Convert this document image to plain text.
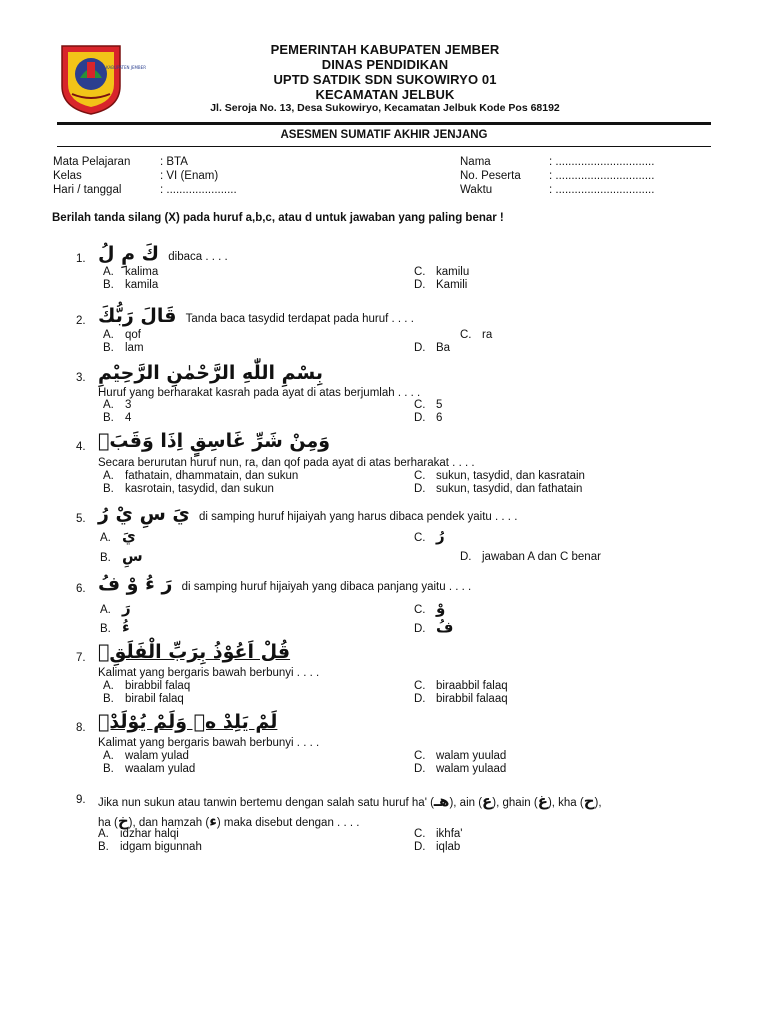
KABUPATEN JEMBER
PEMERINTAH KABUPATEN JEMBER
DINAS PENDIDIKAN
UPTD SATDIK SDN SUKOWIRYO 01
KECAMATAN JELBUK
Jl. Seroja No. 13, Desa Sukowiryo, Kecamatan Jelbuk Kode Pos 68192
ASESMEN SUMATIF AKHIR JENJANG
Mata Pelajaran	: BTA
Kelas	: VI (Enam)
Hari / tanggal	: ......................
Nama	: ...............................
No. Peserta : ...............................
Waktu	: ...............................
Berilah tanda silang (X) pada huruf a,b,c, atau d untuk jawaban yang paling benar !
1. كَ مِ لُ dibaca . . . .
A. kalima
B. kamila
C. kamilu
D. Kamili
2. قَالَ رَبُّكَ Tanda baca tasydid terdapat pada huruf . . . .
A. qof
B. lam
C. ra
D. Ba
3. بِسْمِ اللّٰهِ الرَّحْمٰنِ الرَّحِيْمِ
Huruf yang berharakat kasrah pada ayat di atas berjumlah . . . .
A. 3
B. 4
C. 5
D. 6
4. وَمِنْ شَرِّ غَاسِقٍ اِذَا وَقَبَۙ
Secara berurutan huruf nun, ra, dan qof pada ayat di atas berharakat . . . .
A. fathatain, dhammatain, dan sukun
B. kasrotain, tasydid, dan sukun
C. sukun, tasydid, dan kasratain
D. sukun, tasydid, dan fathatain
5. يَ سِ يْ رُ di samping huruf hijaiyah yang harus dibaca pendek yaitu . . . .
A. يَ
B. سِ
C. رُ
D. jawaban A dan C benar
6. رَ ءُ وْ فُ di samping huruf hijaiyah yang dibaca panjang yaitu . . . .
A. رَ
B. ءُ
C. وْ
D. فُ
7. قُلْ اَعُوْذُ بِرَبِّ الْفَلَقِۙ
Kalimat yang bergaris bawah berbunyi . . . .
A. birabbil falaq
B. birabil falaq
C. biraabbil falaq
D. birabbil falaaq
8. لَمْ يَلِدْ ەۙ وَلَمْ يُوْلَدْۙ
Kalimat yang bergaris bawah berbunyi . . . .
A. walam yulad
B. waalam yulad
C. walam yuulad
D. walam yulaad
9. Jika nun sukun atau tanwin bertemu dengan salah satu huruf ha' (هـ), ain (ع), ghain (غ), kha (ح),
ha (خ), dan hamzah (ء) maka disebut dengan . . . .
A. idzhar halqi
B. idgam bigunnah
C. ikhfa'
D. iqlab
